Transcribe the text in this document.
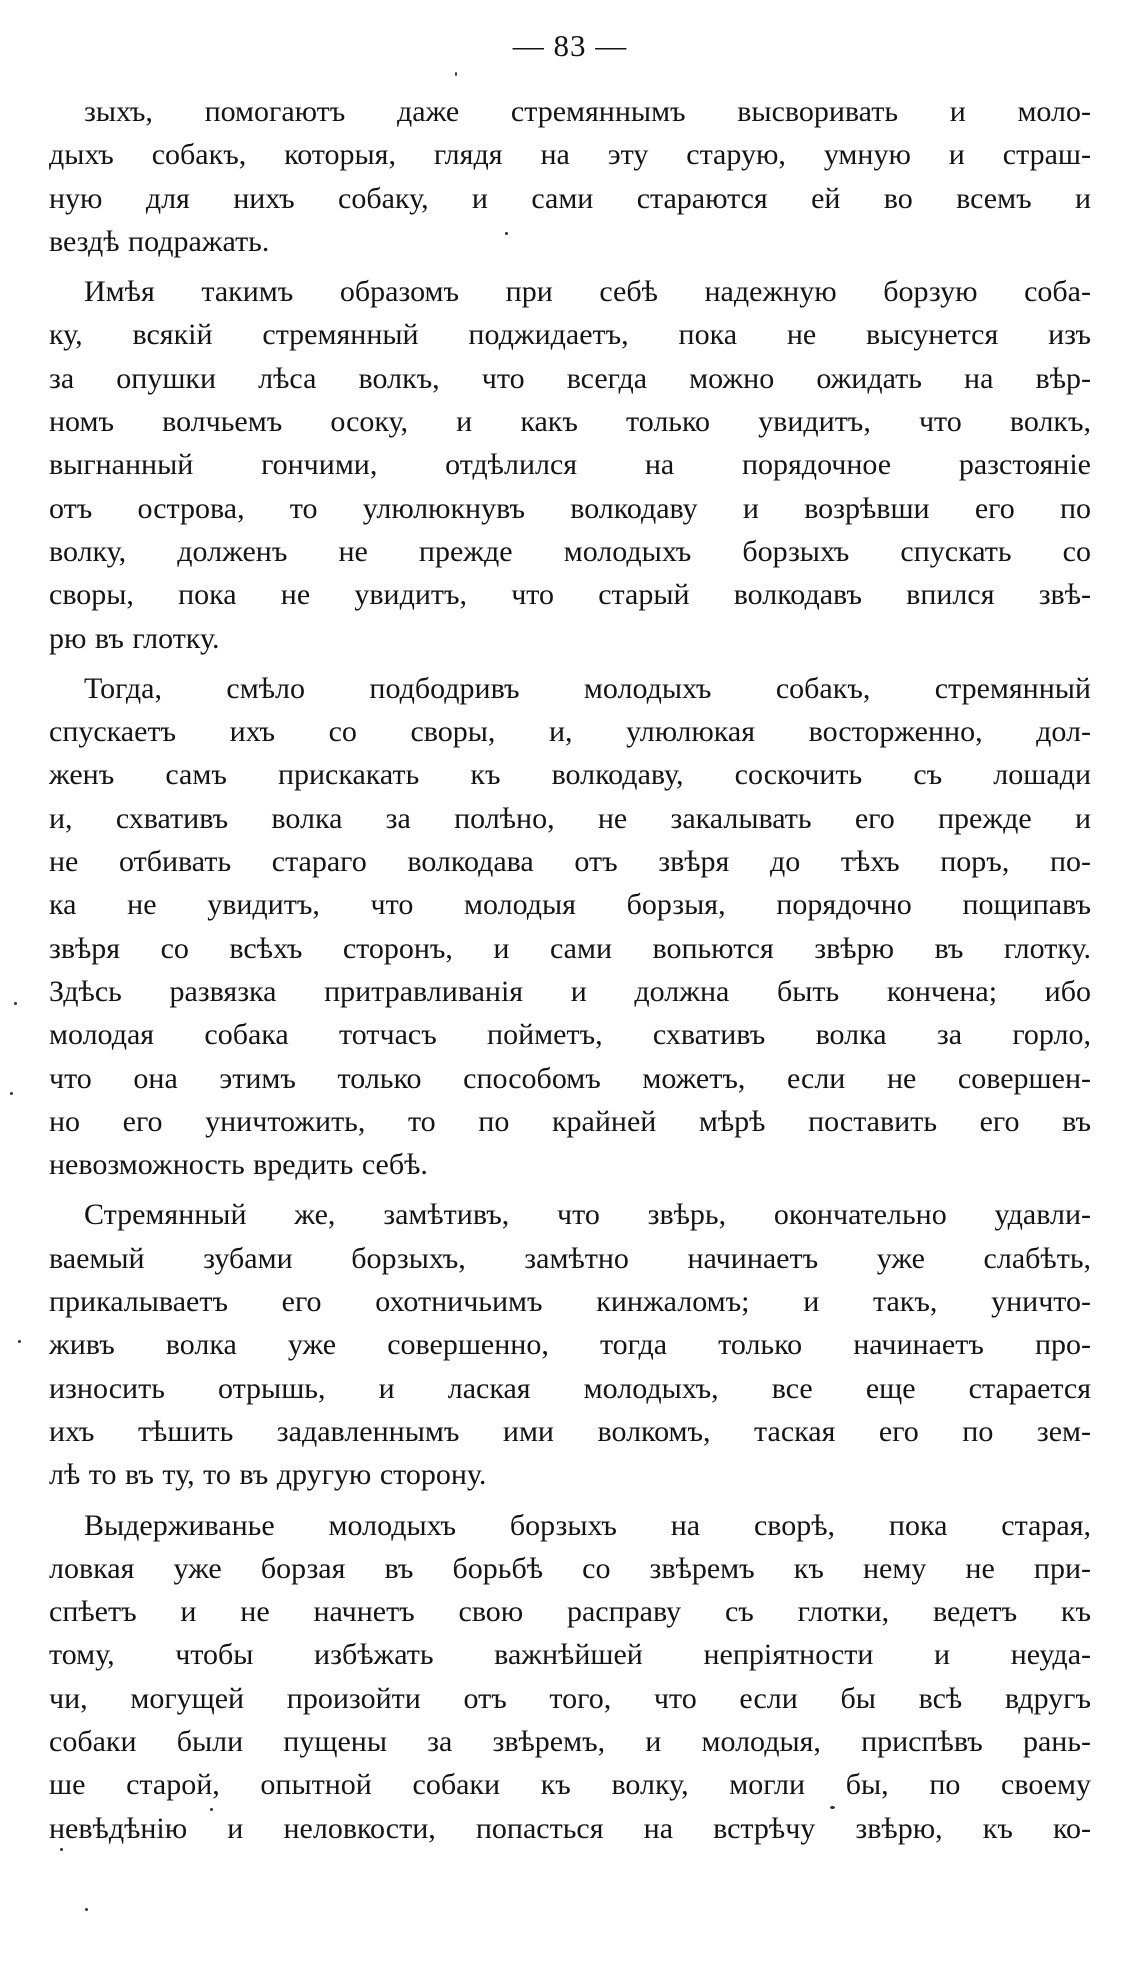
— 83 —
зыхъ, помогаютъ даже стремяннымъ высворивать и моло-
дыхъ собакъ, которыя, глядя на эту старую, умную и страш-
ную для нихъ собаку, и сами стараются ей во всемъ и
вездѣ подражать.
Имѣя такимъ образомъ при себѣ надежную борзую соба-
ку, всякій стремянный поджидаетъ, пока не высунется изъ
за опушки лѣса волкъ, что всегда можно ожидать на вѣр-
номъ волчьемъ осоку, и какъ только увидитъ, что волкъ,
выгнанный гончими, отдѣлился на порядочное разстояніе
отъ острова, то улюлюкнувъ волкодаву и возрѣвши его по
волку, долженъ не прежде молодыхъ борзыхъ спускать со
своры, пока не увидитъ, что старый волкодавъ впился звѣ-
рю въ глотку.
Тогда, смѣло подбодривъ молодыхъ собакъ, стремянный
спускаетъ ихъ со своры, и, улюлюкая восторженно, дол-
женъ самъ прискакать къ волкодаву, соскочить съ лошади
и, схвативъ волка за полѣно, не закалывать его прежде и
не отбивать стараго волкодава отъ звѣря до тѣхъ поръ, по-
ка не увидитъ, что молодыя борзыя, порядочно пощипавъ
звѣря со всѣхъ сторонъ, и сами вопьются звѣрю въ глотку.
Здѣсь развязка притравливанія и должна быть кончена; ибо
молодая собака тотчасъ пойметъ, схвативъ волка за горло,
что она этимъ только способомъ можетъ, если не совершен-
но его уничтожить, то по крайней мѣрѣ поставить его въ
невозможность вредить себѣ.
Стремянный же, замѣтивъ, что звѣрь, окончательно удавли-
ваемый зубами борзыхъ, замѣтно начинаетъ уже слабѣть,
прикалываетъ его охотничьимъ кинжаломъ; и такъ, уничто-
живъ волка уже совершенно, тогда только начинаетъ про-
износить отрышь, и лаская молодыхъ, все еще старается
ихъ тѣшить задавленнымъ ими волкомъ, таская его по зем-
лѣ то въ ту, то въ другую сторону.
Выдерживанье молодыхъ борзыхъ на сворѣ, пока старая,
ловкая уже борзая въ борьбѣ со звѣремъ къ нему не при-
спѣетъ и не начнетъ свою расправу съ глотки, ведетъ къ
тому, чтобы избѣжать важнѣйшей непріятности и неуда-
чи, могущей произойти отъ того, что если бы всѣ вдругъ
собаки были пущены за звѣремъ, и молодыя, приспѣвъ рань-
ше старой, опытной собаки къ волку, могли бы, по своему
невѣдѣнію и неловкости, попасться на встрѣчу звѣрю, къ ко-
